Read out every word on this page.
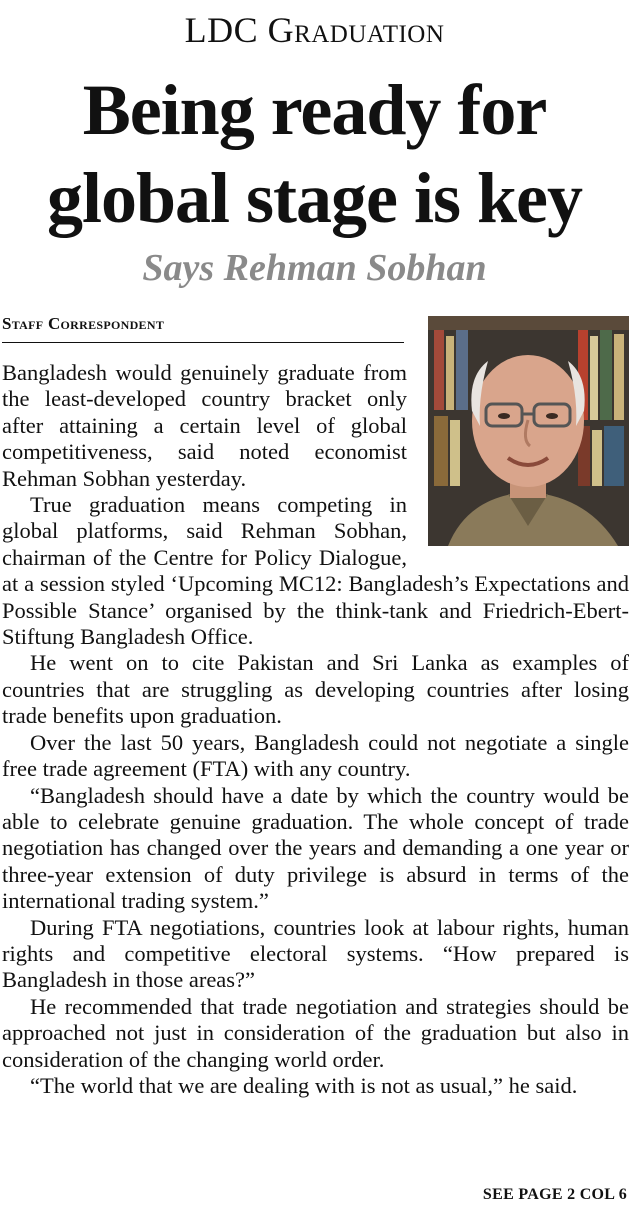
LDC Graduation
Being ready for
global stage is key
Says Rehman Sobhan
Staff Correspondent

Bangladesh would genuinely graduate from the least-developed country bracket only after attaining a certain level of global competitiveness, said noted economist Rehman Sobhan yesterday.

True graduation means competing in global platforms, said Rehman Sobhan, chairman of the Centre for Policy Dialogue, at a session styled ‘Upcoming MC12: Bangladesh’s Expectations and Possible Stance’ organised by the think-tank and Friedrich-Ebert-Stiftung Bangladesh Office.

He went on to cite Pakistan and Sri Lanka as examples of countries that are struggling as developing countries after losing trade benefits upon graduation.

Over the last 50 years, Bangladesh could not negotiate a single free trade agreement (FTA) with any country.

“Bangladesh should have a date by which the country would be able to celebrate genuine graduation. The whole concept of trade negotiation has changed over the years and demanding a one year or three-year extension of duty privilege is absurd in terms of the international trading system.”

During FTA negotiations, countries look at labour rights, human rights and competitive electoral systems. “How prepared is Bangladesh in those areas?”

He recommended that trade negotiation and strategies should be approached not just in consideration of the graduation but also in consideration of the changing world order.

“The world that we are dealing with is not as usual,” he said.

SEE PAGE 2 COL 6
